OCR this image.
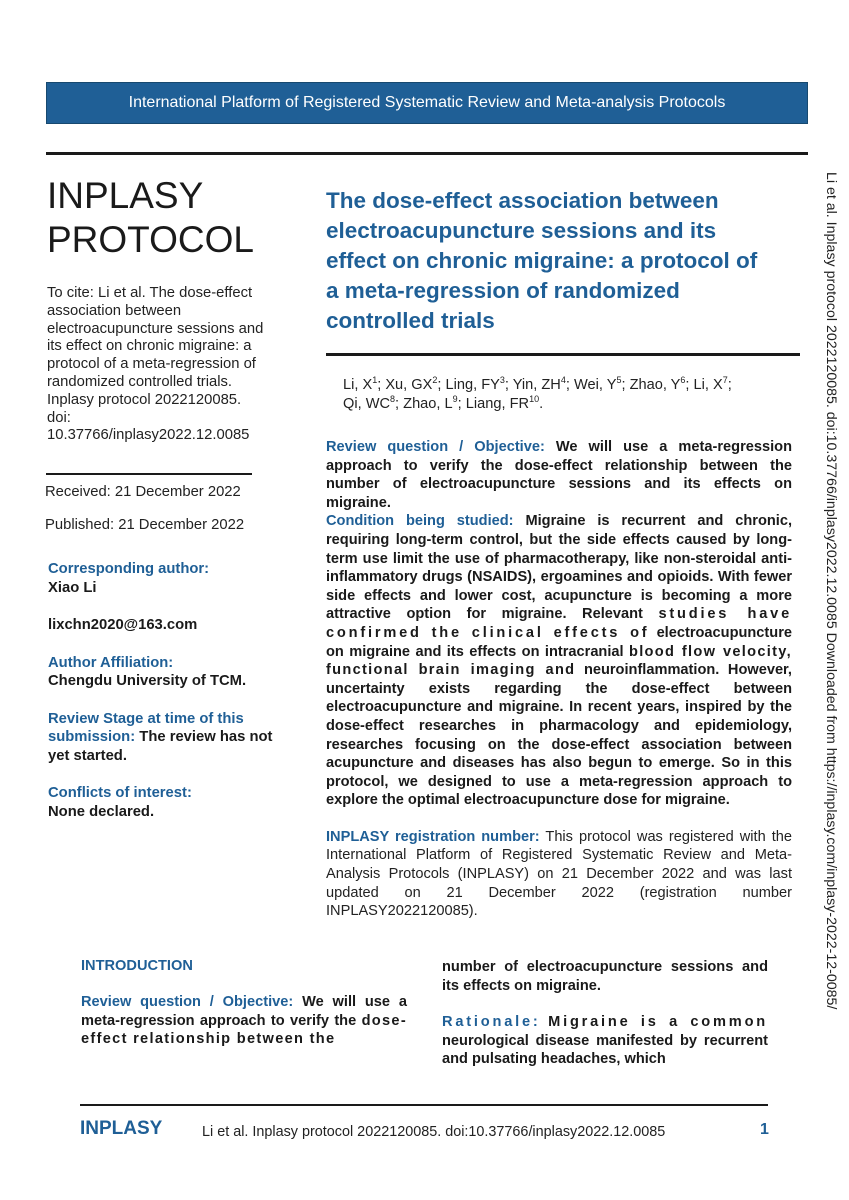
International Platform of Registered Systematic Review and Meta-analysis Protocols
Li et al. Inplasy protocol 2022120085. doi:10.37766/inplasy2022.12.0085 Downloaded from https://inplasy.com/inplasy-2022-12-0085/
INPLASY
PROTOCOL
To cite: Li et al. The dose-effect association between electroacupuncture sessions and its effect on chronic migraine: a protocol of a meta-regression of randomized controlled trials. Inplasy protocol 2022120085. doi: 10.37766/inplasy2022.12.0085
Received: 21 December 2022
Published: 21 December 2022
Corresponding author:
Xiao Li
lixchn2020@163.com
Author Affiliation:
Chengdu University of TCM.
Review Stage at time of this submission: The review has not yet started.
Conflicts of interest:
None declared.
The dose-effect association between
electroacupuncture sessions and its
effect on chronic migraine: a protocol of
a meta-regression of randomized
controlled trials
Li, $X^1$; Xu, $GX^2$; Ling, $FY^3$; Yin, $ZH^4$; Wei, $Y^5$; Zhao, $Y^6$; Li, $X^7$;
Qi, $WC^8$; Zhao, $L^9$; Liang, FR$^{10}$.

Review question / Objective: We will use a meta-regression approach to verify the dose-effect relationship between the number of electroacupuncture sessions and its effects on migraine.

Condition being studied: Migraine is recurrent and chronic, requiring long-term control, but the side effects caused by long-term use limit the use of pharmacotherapy, like non-steroidal anti-inflammatory drugs (NSAIDS), ergoamines and opioids. With fewer side effects and lower cost, acupuncture is becoming a more attractive option for migraine. Relevant studies have confirmed the clinical effects of electroacupuncture on migraine and its effects on intracranial blood flow velocity, functional brain imaging and neuroinflammation. However, uncertainty exists regarding the dose-effect between electroacupuncture and migraine. In recent years, inspired by the dose-effect researches in pharmacology and epidemiology, researches focusing on the dose-effect association between acupuncture and diseases has also begun to emerge. So in this protocol, we designed to use a meta-regression approach to explore the optimal electroacupuncture dose for migraine.

INPLASY registration number: This protocol was registered with the International Platform of Registered Systematic Review and Meta-Analysis Protocols (INPLASY) on 21 December 2022 and was last updated on 21 December 2022 (registration number INPLASY2022120085).

INTRODUCTION

Review question / Objective: We will use a meta-regression approach to verify the dose-effect relationship between the

number of electroacupuncture sessions and its effects on migraine.

Rationale: Migraine is a common neurological disease manifested by recurrent and pulsating headaches, which

INPLASY	Li et al. Inplasy protocol 2022120085. doi:10.37766/inplasy2022.12.0085	1
